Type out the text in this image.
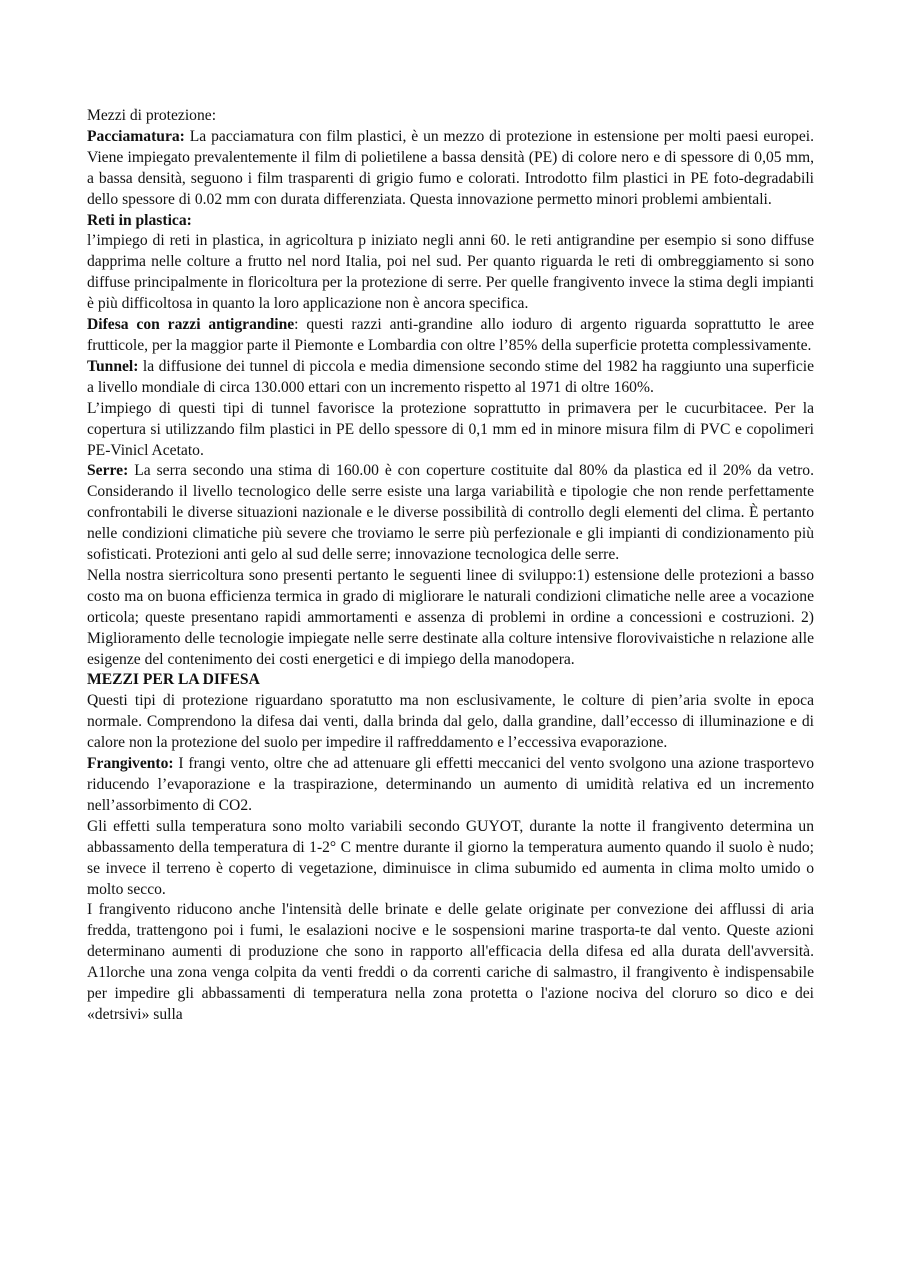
Mezzi di protezione:

Pacciamatura: La pacciamatura con film plastici, è un mezzo di protezione in estensione per molti paesi europei. Viene impiegato prevalentemente il film di polietilene a bassa densità (PE) di colore nero e di spessore di 0,05 mm, a bassa densità, seguono i film trasparenti di grigio fumo e colorati. Introdotto film plastici in PE foto-degradabili dello spessore di 0.02 mm con durata differenziata. Questa innovazione permetto minori problemi ambientali.

Reti in plastica:

l’impiego di reti in plastica, in agricoltura p iniziato negli anni 60. le reti antigrandine per esempio si sono diffuse dapprima nelle colture a frutto nel nord Italia, poi nel sud. Per quanto riguarda le reti di ombreggiamento si sono diffuse principalmente in floricoltura per la protezione di serre. Per quelle frangivento invece la stima degli impianti è più difficoltosa in quanto la loro applicazione non è ancora specifica.

Difesa con razzi antigrandine: questi razzi anti-grandine allo ioduro di argento riguarda soprattutto le aree frutticole, per la maggior parte il Piemonte e Lombardia con oltre l’85% della superficie protetta complessivamente.

Tunnel: la diffusione dei tunnel di piccola e media dimensione secondo stime del 1982 ha raggiunto una superficie a livello mondiale di circa 130.000 ettari con un incremento rispetto al 1971 di oltre 160%.

L’impiego di questi tipi di tunnel favorisce la protezione soprattutto in primavera per le cucurbitacee. Per la copertura si utilizzando film plastici in PE dello spessore di 0,1 mm ed in minore misura film di PVC e copolimeri PE-Vinicl Acetato.

Serre: La serra secondo una stima di 160.00 è con coperture costituite dal 80% da plastica ed il 20% da vetro. Considerando il livello tecnologico delle serre esiste una larga variabilità e tipologie che non rende perfettamente confrontabili le diverse situazioni nazionale e le diverse possibilità di controllo degli elementi del clima. È pertanto nelle condizioni climatiche più severe che troviamo le serre più perfezionale e gli impianti di condizionamento più sofisticati. Protezioni anti gelo al sud delle serre; innovazione tecnologica delle serre.

Nella nostra sierricoltura sono presenti pertanto le seguenti linee di sviluppo:1) estensione delle protezioni a basso costo ma on buona efficienza termica in grado di migliorare le naturali condizioni climatiche nelle aree a vocazione orticola; queste presentano rapidi ammortamenti e assenza di problemi in ordine a concessioni e costruzioni. 2) Miglioramento delle tecnologie impiegate nelle serre destinate alla colture intensive florovivaistiche n relazione alle esigenze del contenimento dei costi energetici e di impiego della manodopera.

MEZZI PER LA DIFESA

Questi tipi di protezione riguardano sporatutto ma non esclusivamente, le colture di pien’aria svolte in epoca normale. Comprendono la difesa dai venti, dalla brinda dal gelo, dalla grandine, dall’eccesso di illuminazione e di calore non la protezione del suolo per impedire il raffreddamento e l’eccessiva evaporazione.

Frangivento: I frangi vento, oltre che ad attenuare gli effetti meccanici del vento svolgono una azione trasportevo riducendo l’evaporazione e la traspirazione, determinando un aumento di umidità relativa ed un incremento nell’assorbimento di CO2.

Gli effetti sulla temperatura sono molto variabili secondo GUYOT, durante la notte il frangivento determina un abbassamento della temperatura di 1-2° C mentre durante il giorno la temperatura aumento quando il suolo è nudo; se invece il terreno è coperto di vegetazione, diminuisce in clima subumido ed aumenta in clima molto umido o molto secco.

I frangivento riducono anche l'intensità delle brinate e delle gelate originate per convezione dei afflussi di aria fredda, trattengono poi i fumi, le esalazioni nocive e le sospensioni marine trasporta-te dal vento. Queste azioni determinano aumenti di produzione che sono in rapporto all'efficacia della difesa ed alla durata dell'avversità. A1lorche una zona venga colpita da venti freddi o da correnti cariche di salmastro, il frangivento è indispensabile per impedire gli abbassamenti di temperatura nella zona protetta o l'azione nociva del cloruro so dico e dei «detrsivi» sulla
